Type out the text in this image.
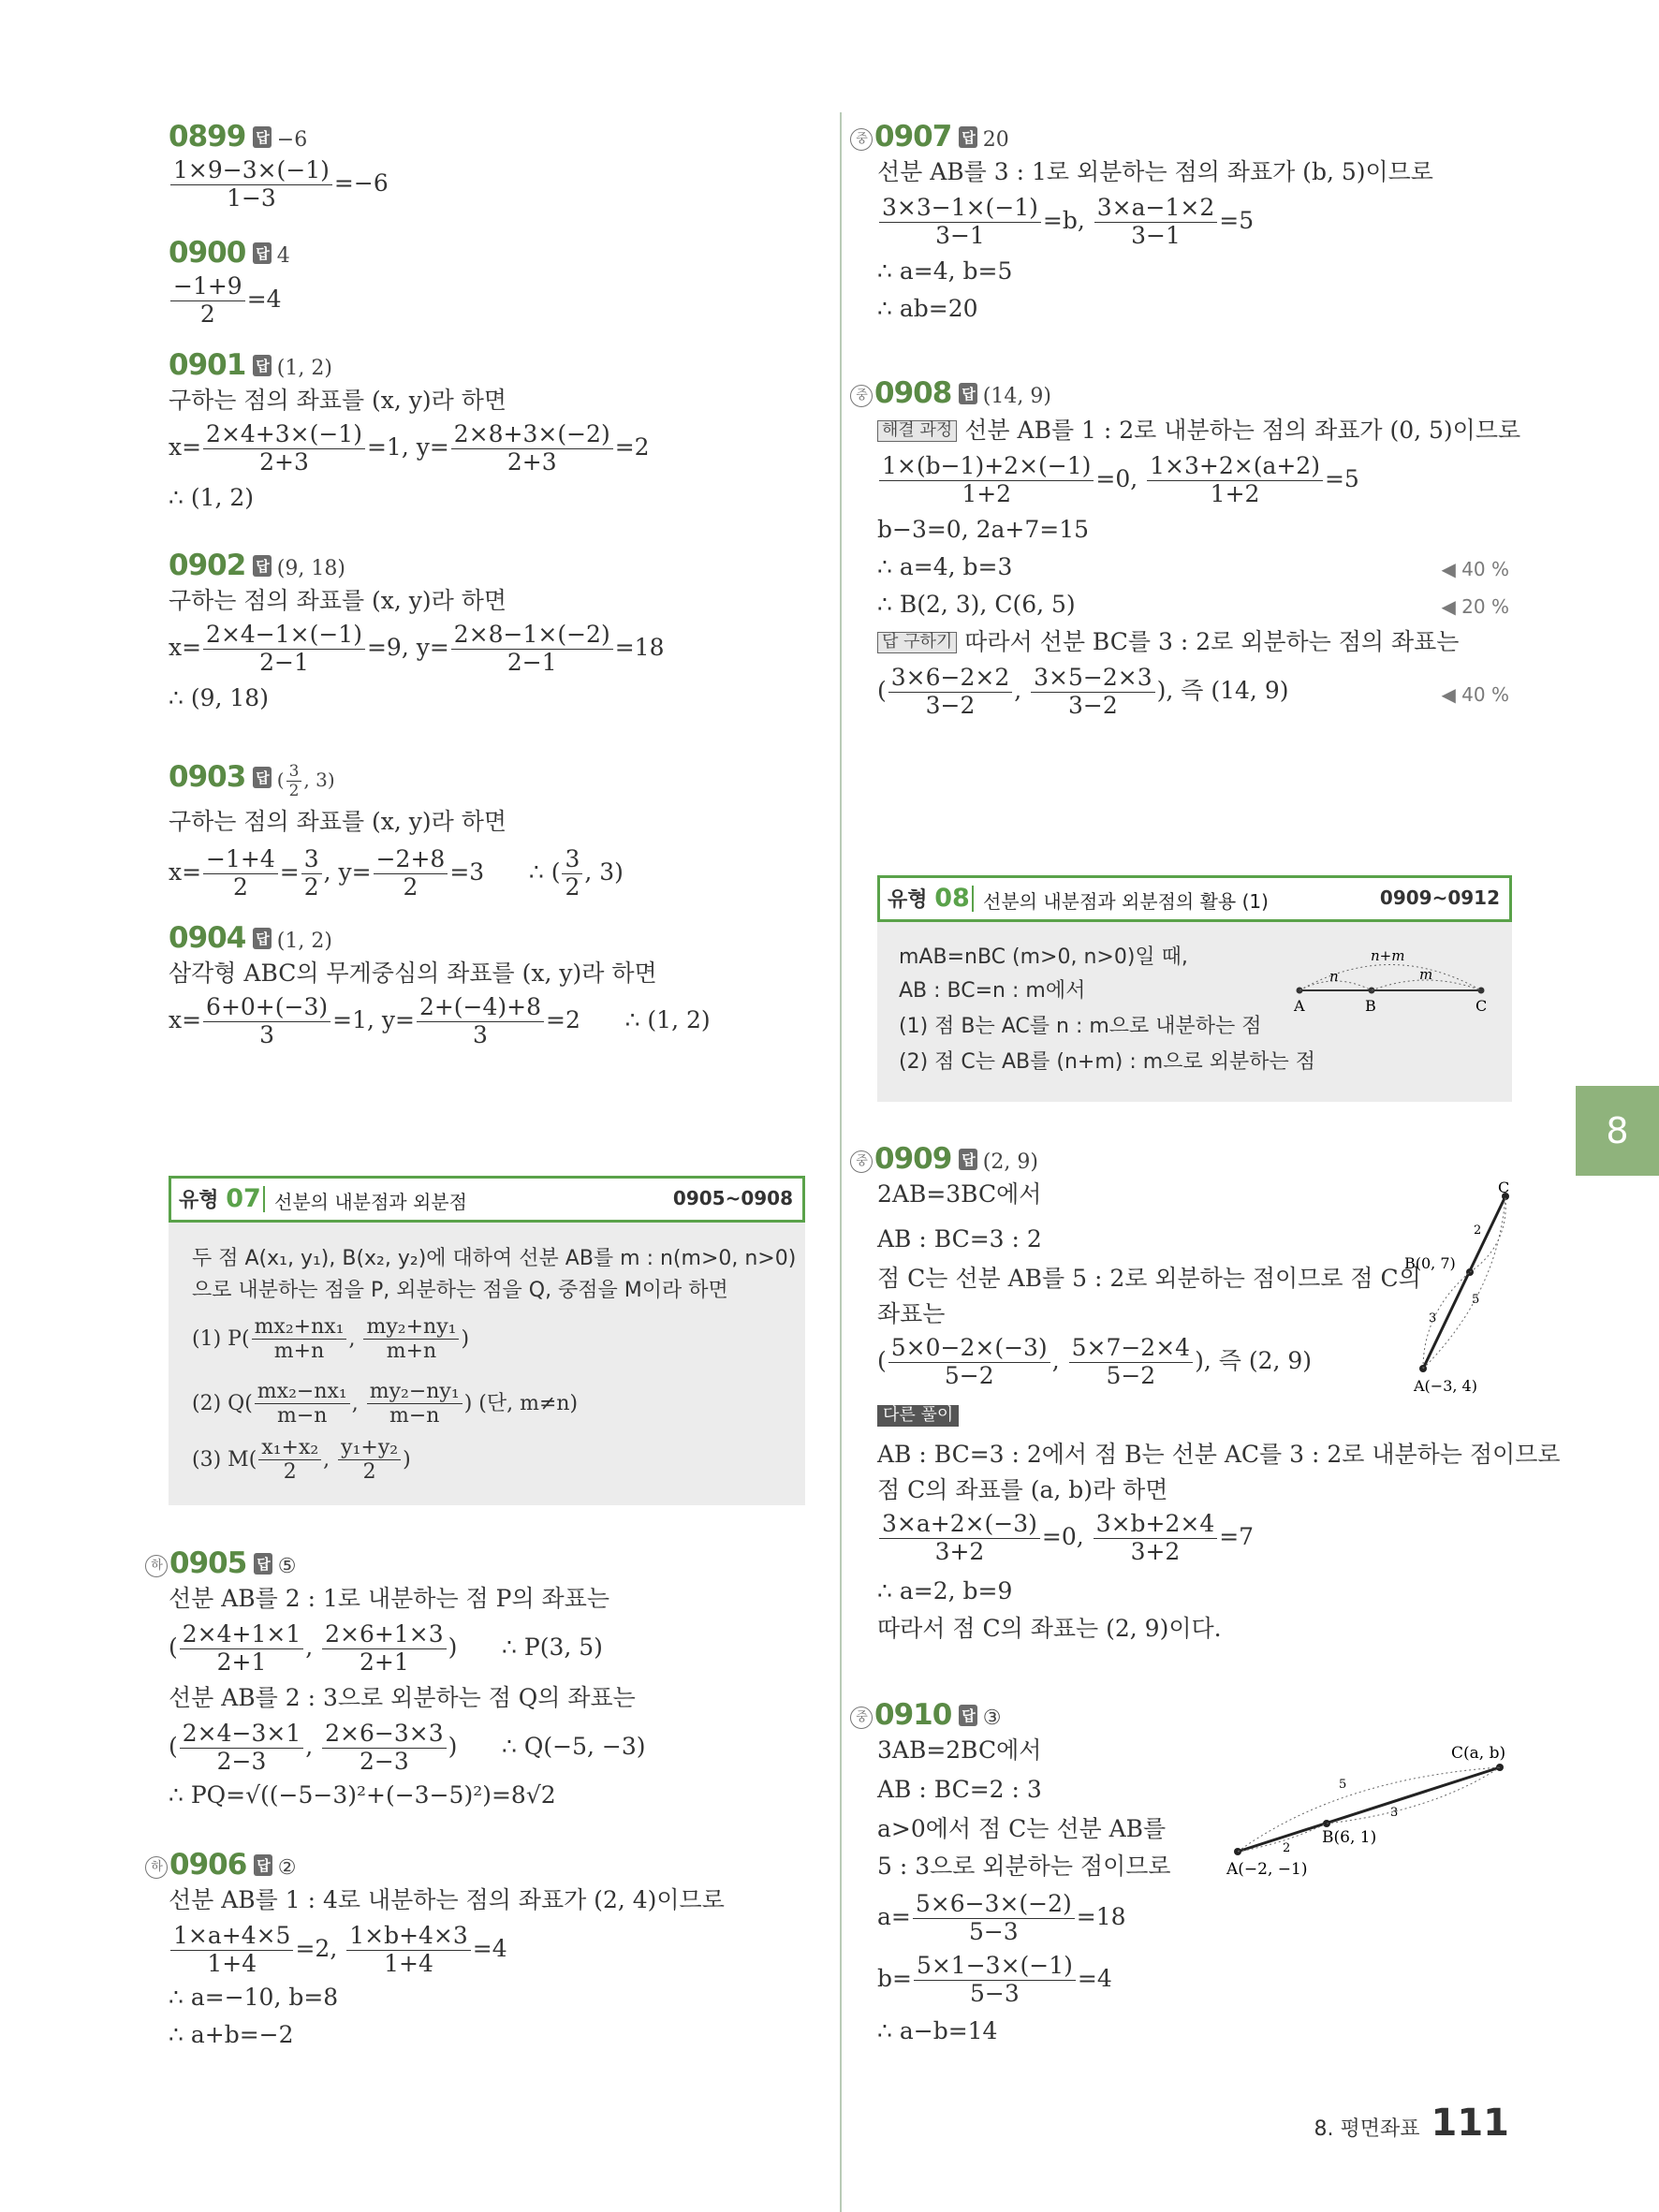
0899 답 −6
$\frac{1\times 9-3\times(-1)}{1-3} =-6$
0900 답 4
$\frac{-1+9}{2} =4$
0901 답 (1, 2)
구하는 점의 좌표를 (x, y)라 하면
$x= \frac{2\times 4+3\times(-1)}{2+3} =1$, $y= \frac{2\times 8+3\times(-2)}{2+3} =2$
∴ (1, 2)
0902 답 (9, 18)
구하는 점의 좌표를 (x, y)라 하면
$x= \frac{2\times 4-1\times(-1)}{2-1} =9$, $y= \frac{2\times 8-1\times(-2)}{2-1} =18$
∴ (9, 18)
0903 답 ( $\frac{3}{2}$ , 3)
구하는 점의 좌표를 (x, y)라 하면
$x= \frac{-1+4}{2} = \frac{3}{2}$ , $y= \frac{-2+8}{2} =3$      ∴ ( $\frac{3}{2}$ , 3)
0904 답 (1, 2)
삼각형 ABC의 무게중심의 좌표를 (x, y)라 하면
$x= \frac{6+0+(-3)}{3} =1$, $y= \frac{2+(-4)+8}{3} =2$      ∴ (1, 2)
유형 07 선분의 내분점과 외분점	0905~0908
두 점 A(x₁, y₁), B(x₂, y₂)에 대하여 선분 AB를 m : n(m>0, n>0)
으로 내분하는 점을 P, 외분하는 점을 Q, 중점을 M이라 하면
(1) $P( \frac{\text{mx₂+nx₁}}{m+n}$ , $\frac{\text{my₂+ny₁}}{m+n}$ )
(2) $Q( \frac{\text{mx₂−nx₁}}{m-n}$ , $\frac{\text{my₂−ny₁}}{m-n}$ ) (단, m≠n)
(3) $M( \frac{\text{x₁+x₂}}{2}$ , $\frac{\text{y₁+y₂}}{2}$ )
하 0905 답 ⑤
선분 AB를 2 : 1로 내분하는 점 P의 좌표는
( $\frac{2\times 4+1\times 1}{2+1}$ , $\frac{2\times 6+1\times 3}{2+1}$ )      ∴ P(3, 5)
선분 AB를 2 : 3으로 외분하는 점 Q의 좌표는
( $\frac{2\times 4-3\times 1}{2-3}$ , $\frac{2\times 6-3\times 3}{2-3}$ )      ∴ Q(−5, −3)
∴ PQ=√((−5−3)²+(−3−5)²)=8√2
하 0906 답 ②
선분 AB를 1 : 4로 내분하는 점의 좌표가 (2, 4)이므로
$\frac{1\times a+4\times 5}{1+4} =2$, $\frac{1\times b+4\times 3}{1+4} =4$
∴ a=−10, b=8
∴ a+b=−2
중 0907 답 20
선분 AB를 3 : 1로 외분하는 점의 좌표가 (b, 5)이므로
$\frac{3\times 3-1\times(-1)}{3-1} =b$, $\frac{3\times a-1\times 2}{3-1} =5$
∴ a=4, b=5
∴ ab=20
중 0908 답 (14, 9)
해결 과정 선분 AB를 1 : 2로 내분하는 점의 좌표가 (0, 5)이므로
$\frac{1\times(b-1)+2\times(-1)}{1+2} =0$, $\frac{1\times 3+2\times(a+2)}{1+2} =5$
b−3=0, 2a+7=15
∴ a=4, b=3	◀ 40 %
∴ B(2, 3), C(6, 5)	◀ 20 %
답 구하기 따라서 선분 BC를 3 : 2로 외분하는 점의 좌표는
( $\frac{3\times 6-2\times 2}{3-2}$ , $\frac{3\times 5-2\times 3}{3-2}$ ), 즉 (14, 9)	◀ 40 %
유형 08 선분의 내분점과 외분점의 활용 (1)	0909~0912
mAB=nBC (m>0, n>0)일 때,
AB : BC=n : m에서
(1) 점 B는 AC를 n : m으로 내분하는 점
(2) 점 C는 AB를 (n+m) : m으로 외분하는 점
A	B	C
n	m
n+m
8
중 0909 답 (2, 9)
2AB=3BC에서
AB : BC=3 : 2
점 C는 선분 AB를 5 : 2로 외분하는 점이므로 점 C의
좌표는
( $\frac{5\times 0-2\times(-3)}{5-2}$ , $\frac{5\times 7-2\times 4}{5-2}$ ), 즉 (2, 9)
C
B(0, 7)
A(−3, 4)
2
3
5
다른 풀이
AB : BC=3 : 2에서 점 B는 선분 AC를 3 : 2로 내분하는 점이므로
점 C의 좌표를 (a, b)라 하면
$\frac{3\times a+2\times(-3)}{3+2} =0$, $\frac{3\times b+2\times 4}{3+2} =7$
∴ a=2, b=9
따라서 점 C의 좌표는 (2, 9)이다.
중 0910 답 ③
3AB=2BC에서
AB : BC=2 : 3
a>0에서 점 C는 선분 AB를
5 : 3으로 외분하는 점이므로
$a= \frac{5\times 6-3\times(-2)}{5-3} =18$
$b= \frac{5\times 1-3\times(-1)}{5-3} =4$
∴ a−b=14
C(a, b)
B(6, 1)
A(−2, −1)
2
3
5
8. 평면좌표 111
